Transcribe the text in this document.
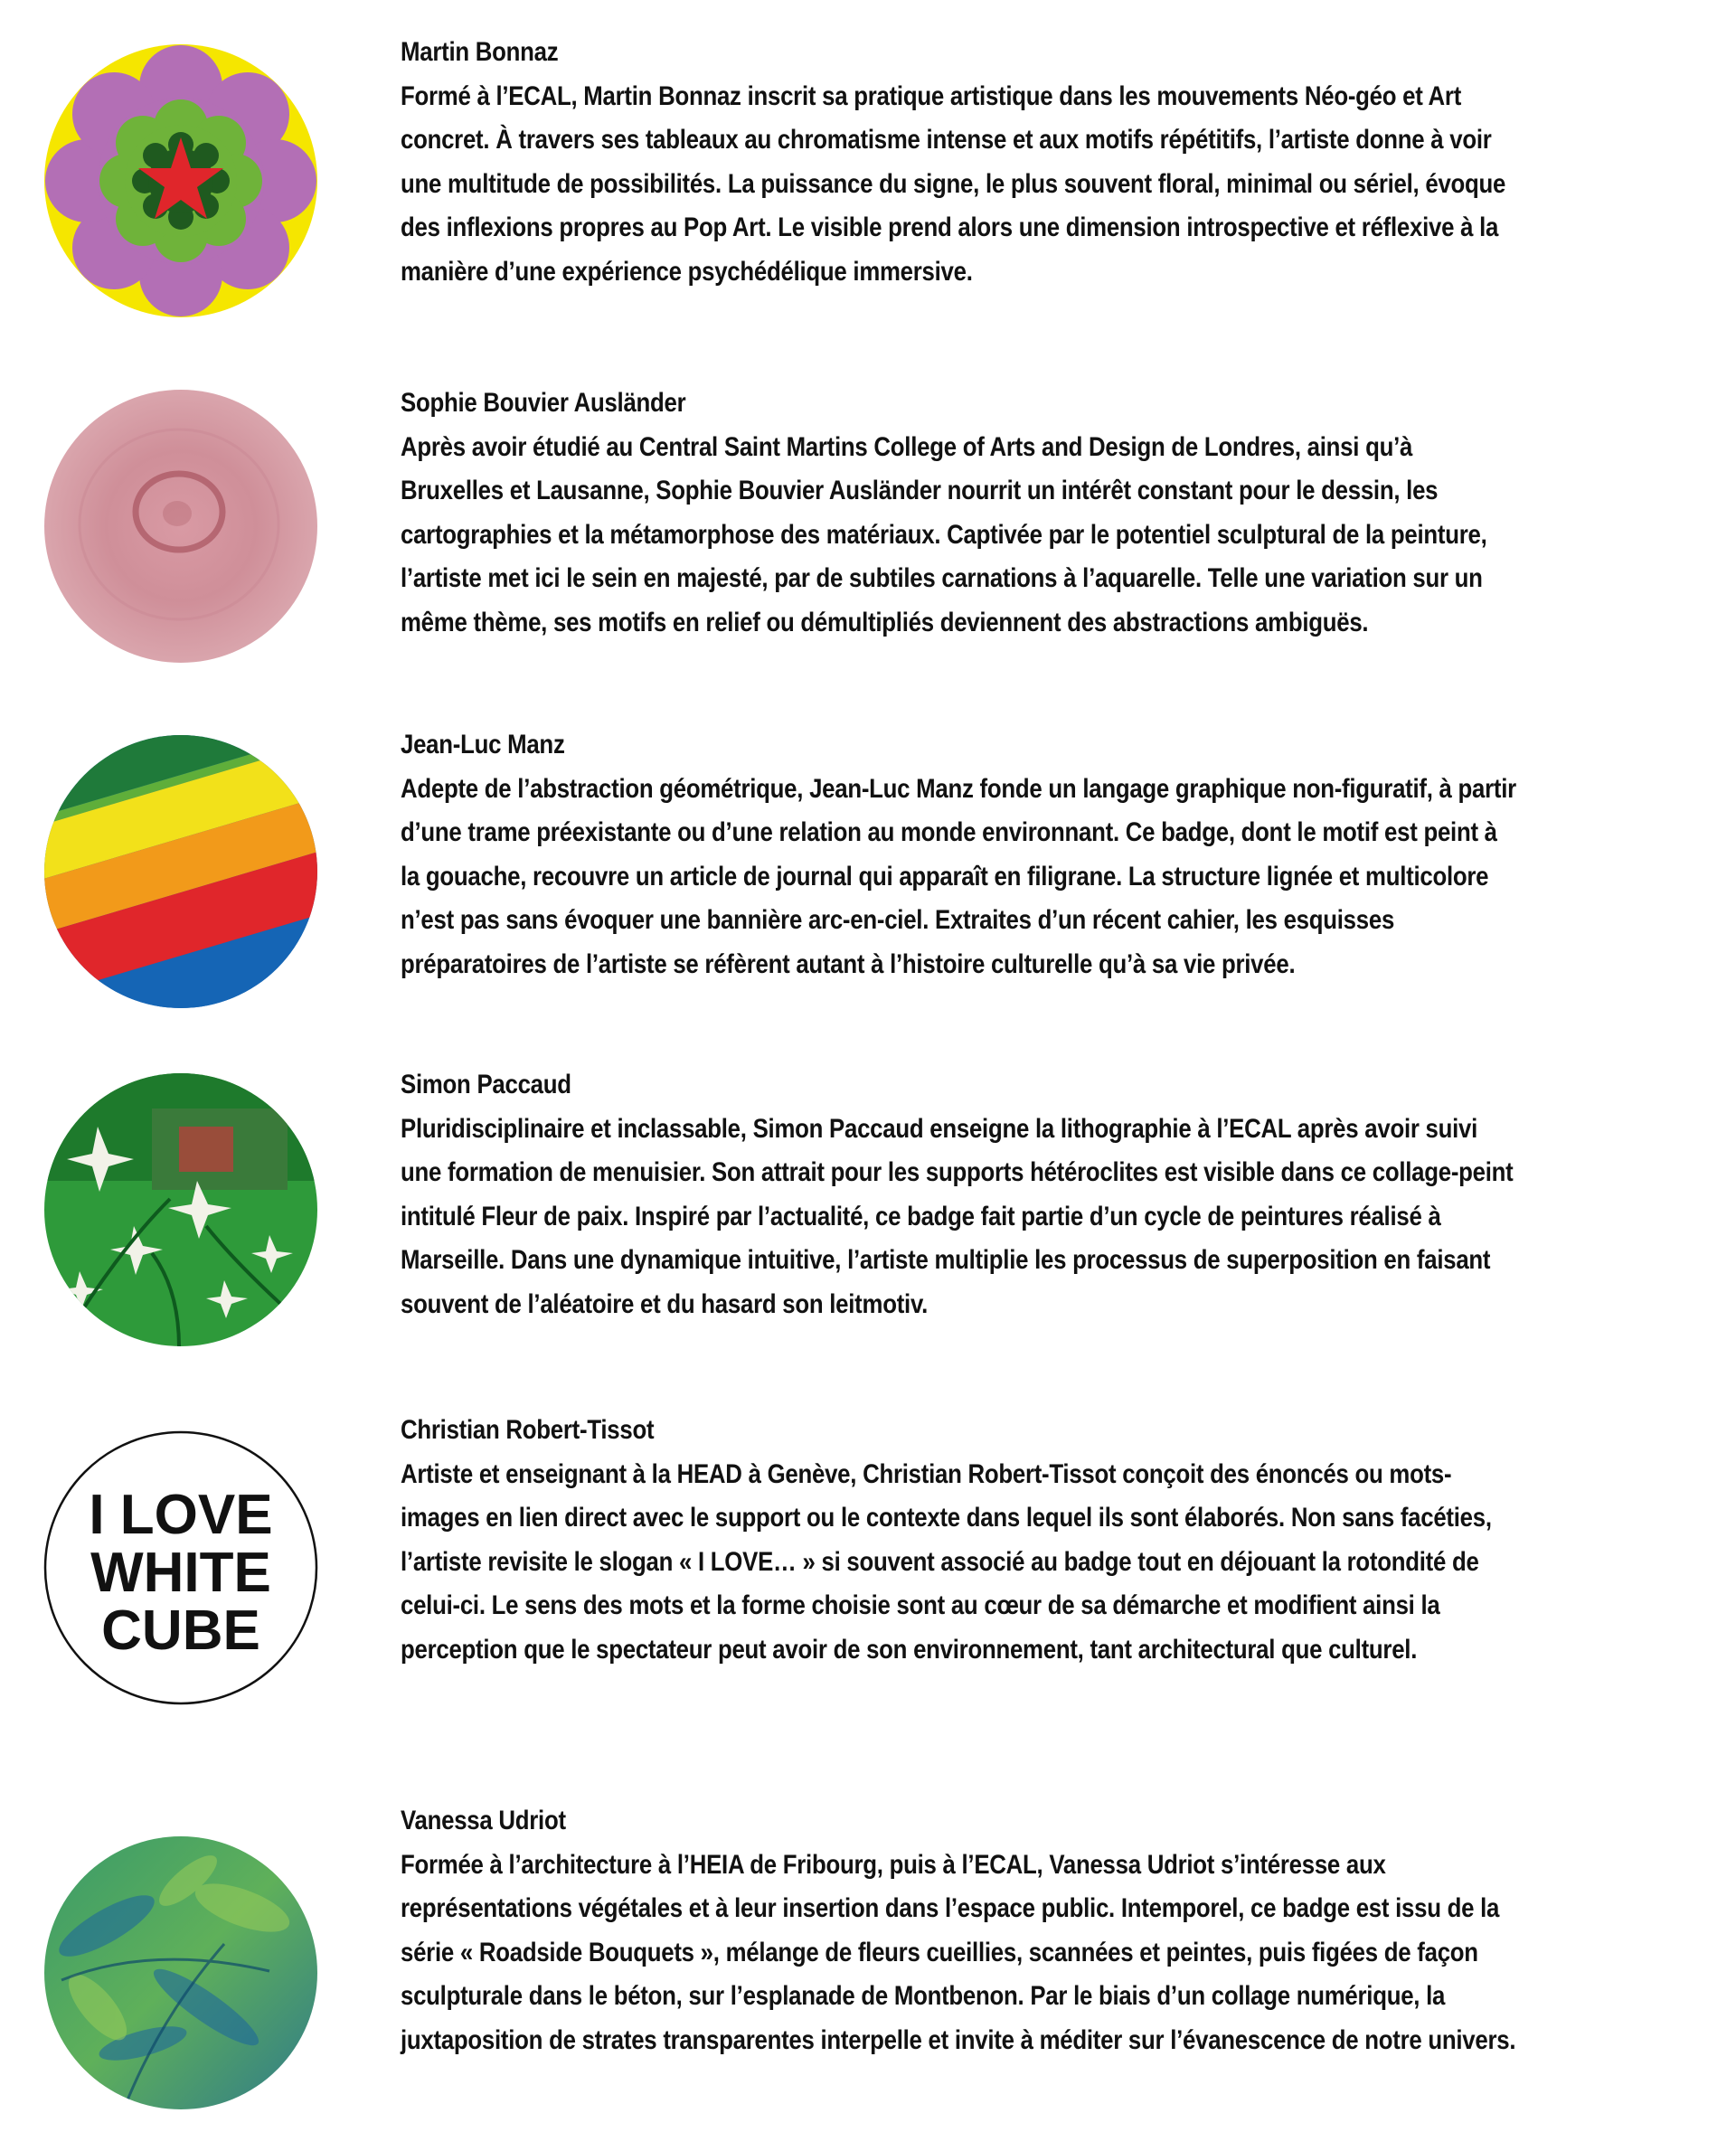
Martin Bonnaz
Formé à l’ECAL, Martin Bonnaz inscrit sa pratique artistique dans les mouvements Néo-géo et Art concret. À travers ses tableaux au chromatisme intense et aux motifs répétitifs, l’artiste donne à voir une multitude de possibilités. La puissance du signe, le plus souvent floral, minimal ou sériel, évoque des inflexions propres au Pop Art. Le visible prend alors une dimension introspective et réflexive à la manière d’une expérience psychédélique immersive.
Sophie Bouvier Ausländer
Après avoir étudié au Central Saint Martins College of Arts and Design de Londres, ainsi qu’à Bruxelles et Lausanne, Sophie Bouvier Ausländer nourrit un intérêt constant pour le dessin, les cartographies et la métamorphose des matériaux. Captivée par le potentiel sculptural de la peinture, l’artiste met ici le sein en majesté, par de subtiles carnations à l’aquarelle. Telle une variation sur un même thème, ses motifs en relief ou démultipliés deviennent des abstractions ambiguës.
Jean-Luc Manz
Adepte de l’abstraction géométrique, Jean-Luc Manz fonde un langage graphique non-figuratif, à partir d’une trame préexistante ou d’une relation au monde environnant. Ce badge, dont le motif est peint à la gouache, recouvre un article de journal qui apparaît en filigrane. La structure lignée et multicolore n’est pas sans évoquer une bannière arc-en-ciel. Extraites d’un récent cahier, les esquisses préparatoires de l’artiste se réfèrent autant à l’histoire culturelle qu’à sa vie privée.
Simon Paccaud
Pluridisciplinaire et inclassable, Simon Paccaud enseigne la lithographie à l’ECAL après avoir suivi une formation de menuisier. Son attrait pour les supports hétéroclites est visible dans ce collage-peint intitulé Fleur de paix. Inspiré par l’actualité, ce badge fait partie d’un cycle de peintures réalisé à Marseille. Dans une dynamique intuitive, l’artiste multiplie les processus de superposition en faisant souvent de l’aléatoire et du hasard son leitmotiv.
I LOVE
WHITE
CUBE
Christian Robert-Tissot
Artiste et enseignant à la HEAD à Genève, Christian Robert-Tissot conçoit des énoncés ou mots-images en lien direct avec le support ou le contexte dans lequel ils sont élaborés. Non sans facéties, l’artiste revisite le slogan « I LOVE… » si souvent associé au badge tout en déjouant la rotondité de celui-ci. Le sens des mots et la forme choisie sont au cœur de sa démarche et modifient ainsi la perception que le spectateur peut avoir de son environnement, tant architectural que culturel.
Vanessa Udriot
Formée à l’architecture à l’HEIA de Fribourg, puis à l’ECAL, Vanessa Udriot s’intéresse aux représentations végétales et à leur insertion dans l’espace public. Intemporel, ce badge est issu de la série « Roadside Bouquets », mélange de fleurs cueillies, scannées et peintes, puis figées de façon sculpturale dans le béton, sur l’esplanade de Montbenon. Par le biais d’un collage numérique, la juxtaposition de strates transparentes interpelle et invite à méditer sur l’évanescence de notre univers.
